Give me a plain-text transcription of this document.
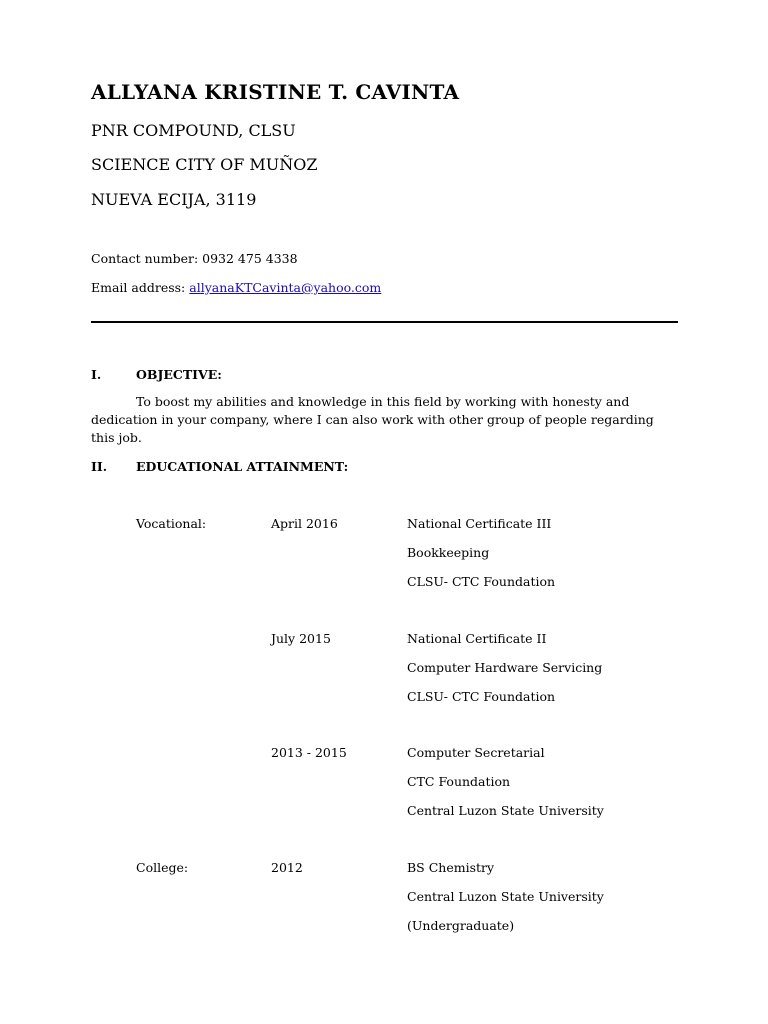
ALLYANA KRISTINE T. CAVINTA
PNR COMPOUND, CLSU
SCIENCE CITY OF MUÑOZ
NUEVA ECIJA, 3119
Contact number: 0932 475 4338
Email address: allyanaKTCavinta@yahoo.com
I.	OBJECTIVE:
To boost my abilities and knowledge in this field by working with honesty and dedication in your company, where I can also work with other group of people regarding this job.
II. EDUCATIONAL ATTAINMENT:
Vocational:	April 2016	National Certificate III
Bookkeeping
CLSU- CTC Foundation
July 2015	National Certificate II
Computer Hardware Servicing
CLSU- CTC Foundation
2013 - 2015	Computer Secretarial
CTC Foundation
Central Luzon State University
College:	2012	BS Chemistry
Central Luzon State University
(Undergraduate)
